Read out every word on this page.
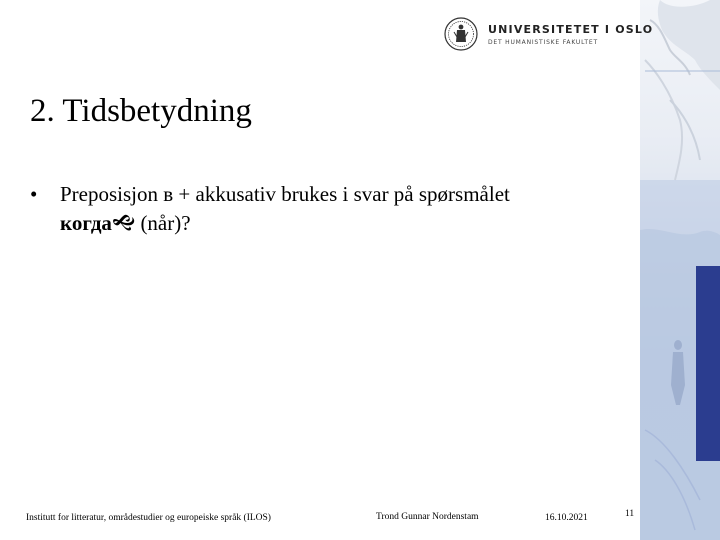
UNIVERSITETET I OSLO
DET HUMANISTISKE FAKULTET
2. Tidsbetydning
• Preposisjon в + akkusativ brukes i svar på spørsmålet
когда🙝 (når)?
Institutt for litteratur, områdestudier og europeiske språk (ILOS)	Trond Gunnar Nordenstam	16.10.2021	11
